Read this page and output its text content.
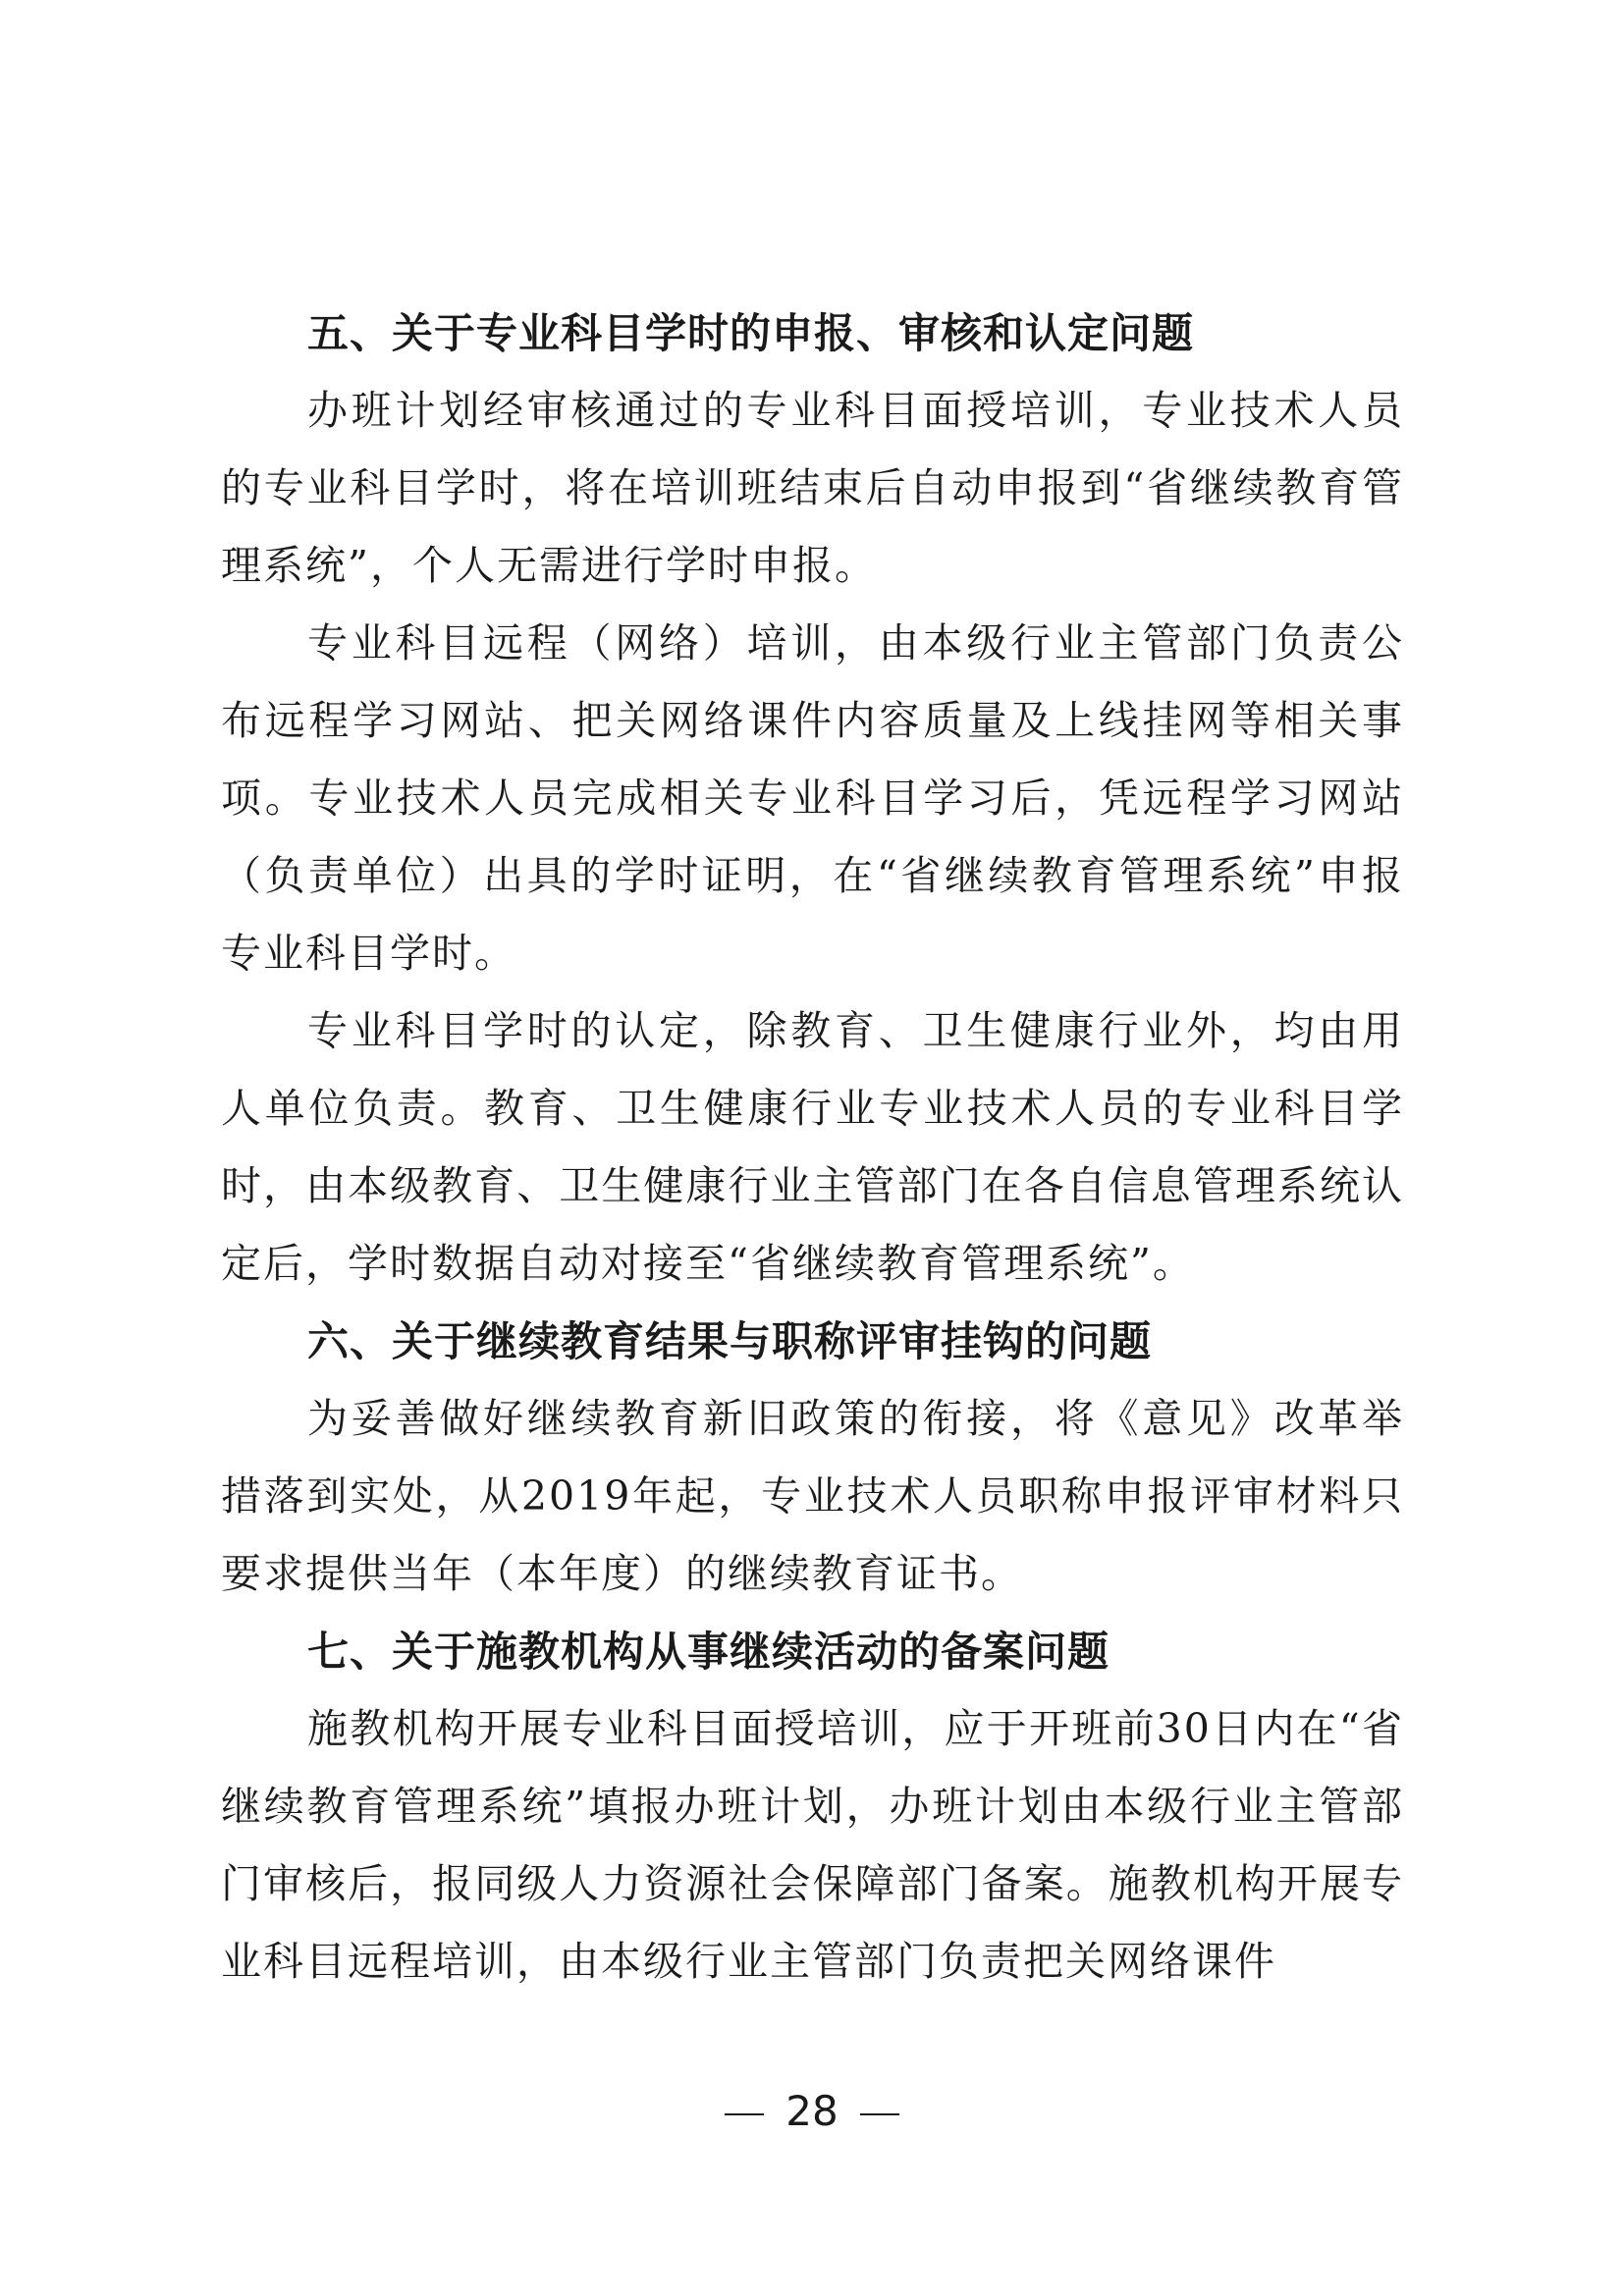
五、关于专业科目学时的申报、审核和认定问题

办班计划经审核通过的专业科目面授培训，专业技术人员的专业科目学时，将在培训班结束后自动申报到“省继续教育管理系统”，个人无需进行学时申报。

专业科目远程（网络）培训，由本级行业主管部门负责公布远程学习网站、把关网络课件内容质量及上线挂网等相关事项。专业技术人员完成相关专业科目学习后，凭远程学习网站（负责单位）出具的学时证明，在“省继续教育管理系统”申报专业科目学时。

专业科目学时的认定，除教育、卫生健康行业外，均由用人单位负责。教育、卫生健康行业专业技术人员的专业科目学时，由本级教育、卫生健康行业主管部门在各自信息管理系统认定后，学时数据自动对接至“省继续教育管理系统”。

六、关于继续教育结果与职称评审挂钩的问题

为妥善做好继续教育新旧政策的衔接，将《意见》改革举措落到实处，从2019年起，专业技术人员职称申报评审材料只要求提供当年（本年度）的继续教育证书。

七、关于施教机构从事继续活动的备案问题

施教机构开展专业科目面授培训，应于开班前30日内在“省继续教育管理系统”填报办班计划，办班计划由本级行业主管部门审核后，报同级人力资源社会保障部门备案。施教机构开展专业科目远程培训，由本级行业主管部门负责把关网络课件

28
